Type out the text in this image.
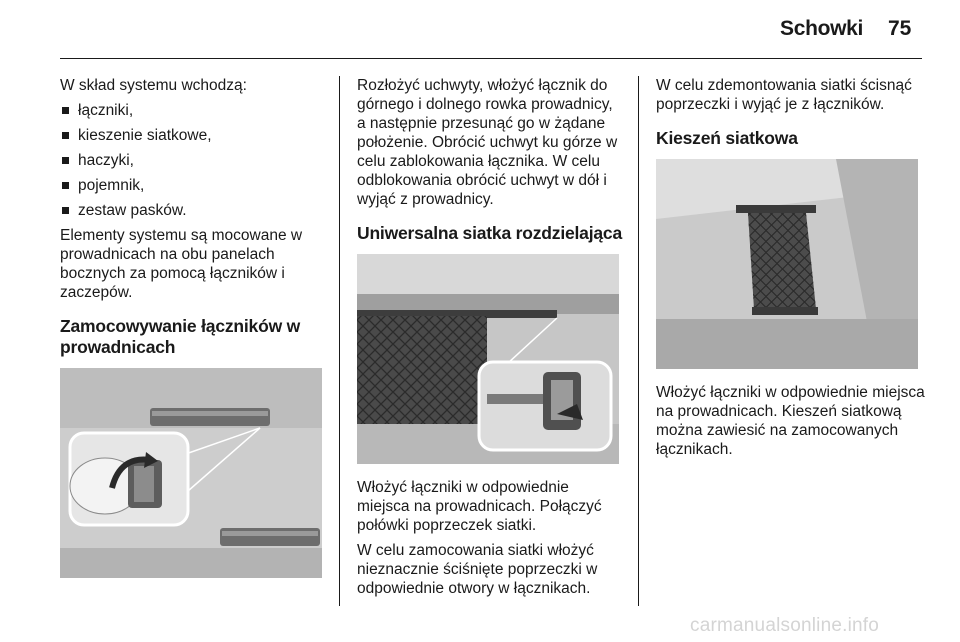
Schowki 75

W skład systemu wchodzą:

łączniki,
kieszenie siatkowe,
haczyki,
pojemnik,
zestaw pasków.

Elementy systemu są mocowane w prowadnicach na obu panelach bocznych za pomocą łączników i zaczepów.

Zamocowywanie łączników w prowadnicach

Rozłożyć uchwyty, włożyć łącznik do górnego i dolnego rowka prowadnicy, a następnie przesunąć go w żądane położenie. Obrócić uchwyt ku górze w celu zablokowania łącznika. W celu odblokowania obrócić uchwyt w dół i wyjąć z prowadnicy.

Uniwersalna siatka rozdzielająca

Włożyć łączniki w odpowiednie miejsca na prowadnicach. Połączyć połówki poprzeczek siatki.

W celu zamocowania siatki włożyć nieznacznie ściśnięte poprzeczki w odpowiednie otwory w łącznikach.

W celu zdemontowania siatki ścisnąć poprzeczki i wyjąć je z łączników.

Kieszeń siatkowa

Włożyć łączniki w odpowiednie miejsca na prowadnicach. Kieszeń siatkową można zawiesić na zamocowanych łącznikach.

carmanualsonline.info
